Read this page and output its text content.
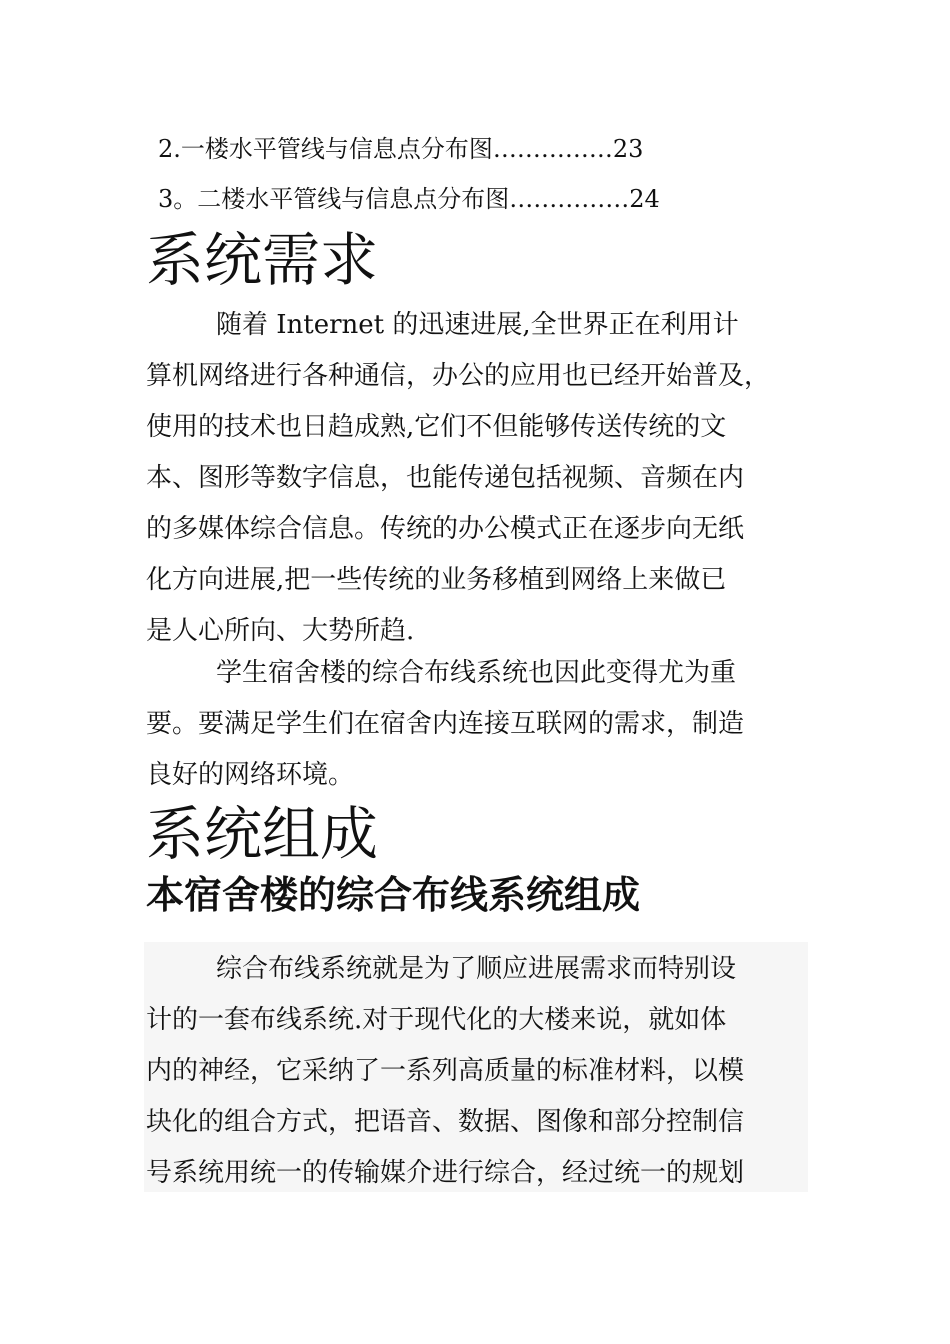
2.一楼水平管线与信息点分布图……………23
3。二楼水平管线与信息点分布图……………24
系统需求

随着 Internet 的迅速进展,全世界正在利用计
算机网络进行各种通信，办公的应用也已经开始普及，
使用的技术也日趋成熟,它们不但能够传送传统的文
本、图形等数字信息，也能传递包括视频、音频在内
的多媒体综合信息。传统的办公模式正在逐步向无纸
化方向进展,把一些传统的业务移植到网络上来做已
是人心所向、大势所趋.

学生宿舍楼的综合布线系统也因此变得尤为重
要。要满足学生们在宿舍内连接互联网的需求，制造
良好的网络环境。

系统组成
本宿舍楼的综合布线系统组成

综合布线系统就是为了顺应进展需求而特别设
计的一套布线系统.对于现代化的大楼来说，就如体
内的神经，它采纳了一系列高质量的标准材料，以模
块化的组合方式，把语音、数据、图像和部分控制信
号系统用统一的传输媒介进行综合，经过统一的规划
